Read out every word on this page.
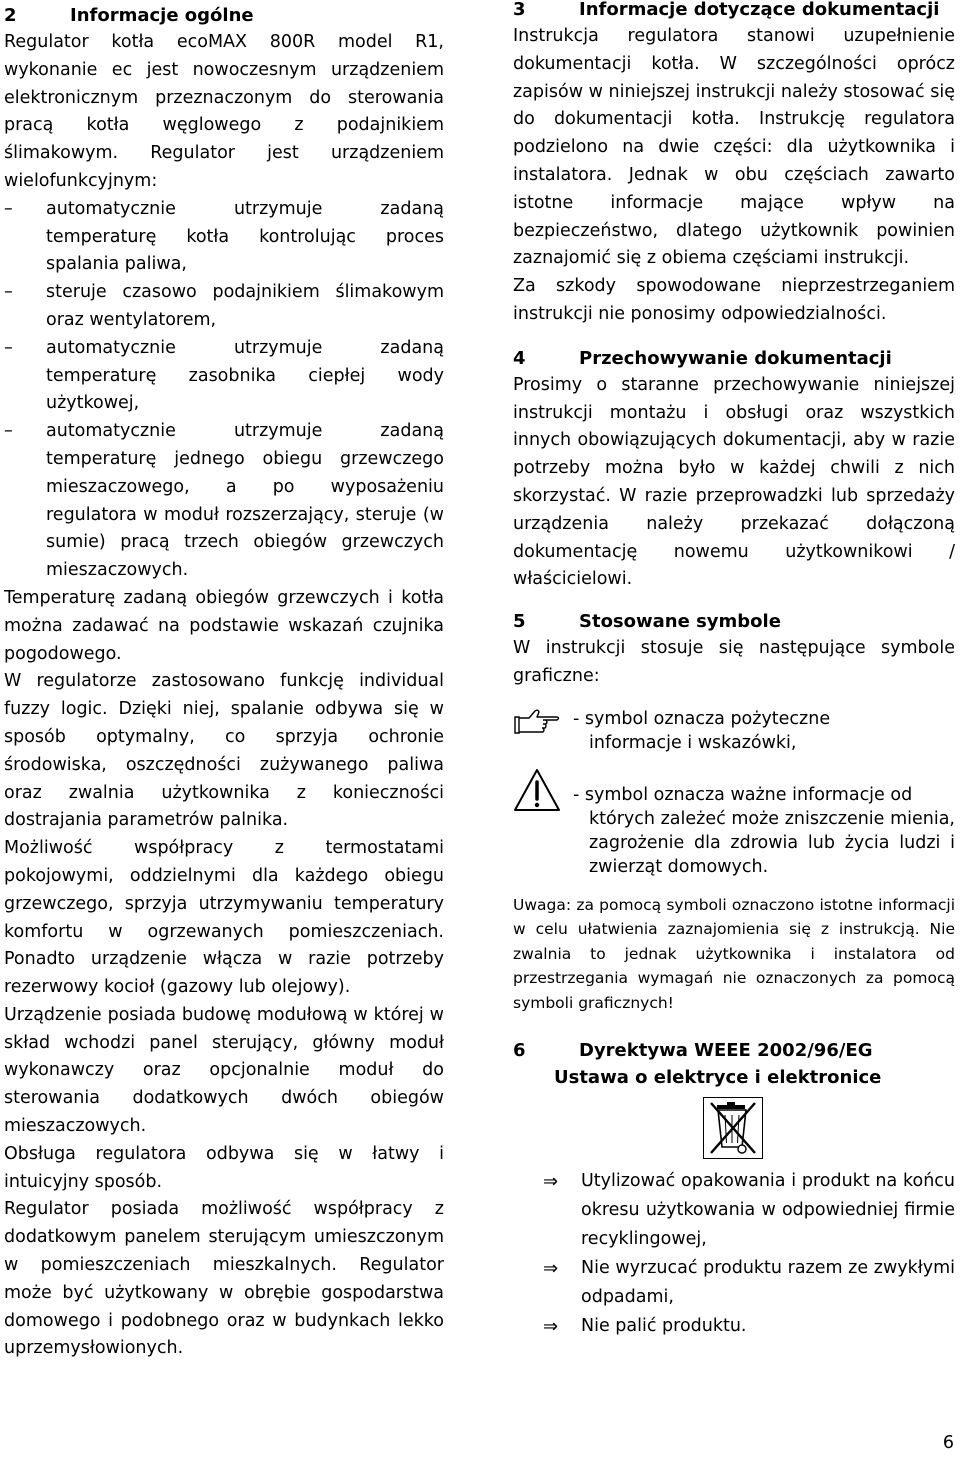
2	Informacje ogólne

Regulator kotła ecoMAX 800R model R1, wykonanie ec jest nowoczesnym urządzeniem elektronicznym przeznaczonym do sterowania pracą kotła węglowego z podajnikiem ślimakowym. Regulator jest urządzeniem wielofunkcyjnym:

–	automatycznie utrzymuje zadaną temperaturę kotła kontrolując proces spalania paliwa,

–	steruje czasowo podajnikiem ślimakowym oraz wentylatorem,

–	automatycznie utrzymuje zadaną temperaturę zasobnika ciepłej wody użytkowej,

–	automatycznie utrzymuje zadaną temperaturę jednego obiegu grzewczego mieszaczowego, a po wyposażeniu regulatora w moduł rozszerzający, steruje (w sumie) pracą trzech obiegów grzewczych mieszaczowych.

Temperaturę zadaną obiegów grzewczych i kotła można zadawać na podstawie wskazań czujnika pogodowego.

W regulatorze zastosowano funkcję individual fuzzy logic. Dzięki niej, spalanie odbywa się w sposób optymalny, co sprzyja ochronie środowiska, oszczędności zużywanego paliwa oraz zwalnia użytkownika z konieczności dostrajania parametrów palnika.

Możliwość współpracy z termostatami pokojowymi, oddzielnymi dla każdego obiegu grzewczego, sprzyja utrzymywaniu temperatury komfortu w ogrzewanych pomieszczeniach. Ponadto urządzenie włącza w razie potrzeby rezerwowy kocioł (gazowy lub olejowy).

Urządzenie posiada budowę modułową w której w skład wchodzi panel sterujący, główny moduł wykonawczy oraz opcjonalnie moduł do sterowania dodatkowych dwóch obiegów mieszaczowych.

Obsługa regulatora odbywa się w łatwy i intuicyjny sposób.

Regulator posiada możliwość współpracy z dodatkowym panelem sterującym umieszczonym w pomieszczeniach mieszkalnych. Regulator może być użytkowany w obrębie gospodarstwa domowego i podobnego oraz w budynkach lekko uprzemysłowionych.

3	Informacje dotyczące dokumentacji

Instrukcja regulatora stanowi uzupełnienie dokumentacji kotła. W szczególności oprócz zapisów w niniejszej instrukcji należy stosować się do dokumentacji kotła. Instrukcję regulatora podzielono na dwie części: dla użytkownika i instalatora. Jednak w obu częściach zawarto istotne informacje mające wpływ na bezpieczeństwo, dlatego użytkownik powinien zaznajomić się z obiema częściami instrukcji.

Za szkody spowodowane nieprzestrzeganiem instrukcji nie ponosimy odpowiedzialności.

4	Przechowywanie dokumentacji

Prosimy o staranne przechowywanie niniejszej instrukcji montażu i obsługi oraz wszystkich innych obowiązujących dokumentacji, aby w razie potrzeby można było w każdej chwili z nich skorzystać. W razie przeprowadzki lub sprzedaży urządzenia należy przekazać dołączoną dokumentację nowemu użytkownikowi / właścicielowi.

5	Stosowane symbole

W instrukcji stosuje się następujące symbole graficzne:

- symbol oznacza pożyteczne
informacje i wskazówki,
- symbol oznacza ważne informacje od
których zależeć może zniszczenie mienia, zagrożenie dla zdrowia lub życia ludzi i zwierząt domowych.

Uwaga: za pomocą symboli oznaczono istotne informacji w celu ułatwienia zaznajomienia się z instrukcją. Nie zwalnia to jednak użytkownika i instalatora od przestrzegania wymagań nie oznaczonych za pomocą symboli graficznych!

6	Dyrektywa WEEE 2002/96/EG
Ustawa o elektryce i elektronice
⇒	Utylizować opakowania i produkt na końcu okresu użytkowania w odpowiedniej firmie recyklingowej,
⇒	Nie wyrzucać produktu razem ze zwykłymi odpadami,
⇒	Nie palić produktu.
6
